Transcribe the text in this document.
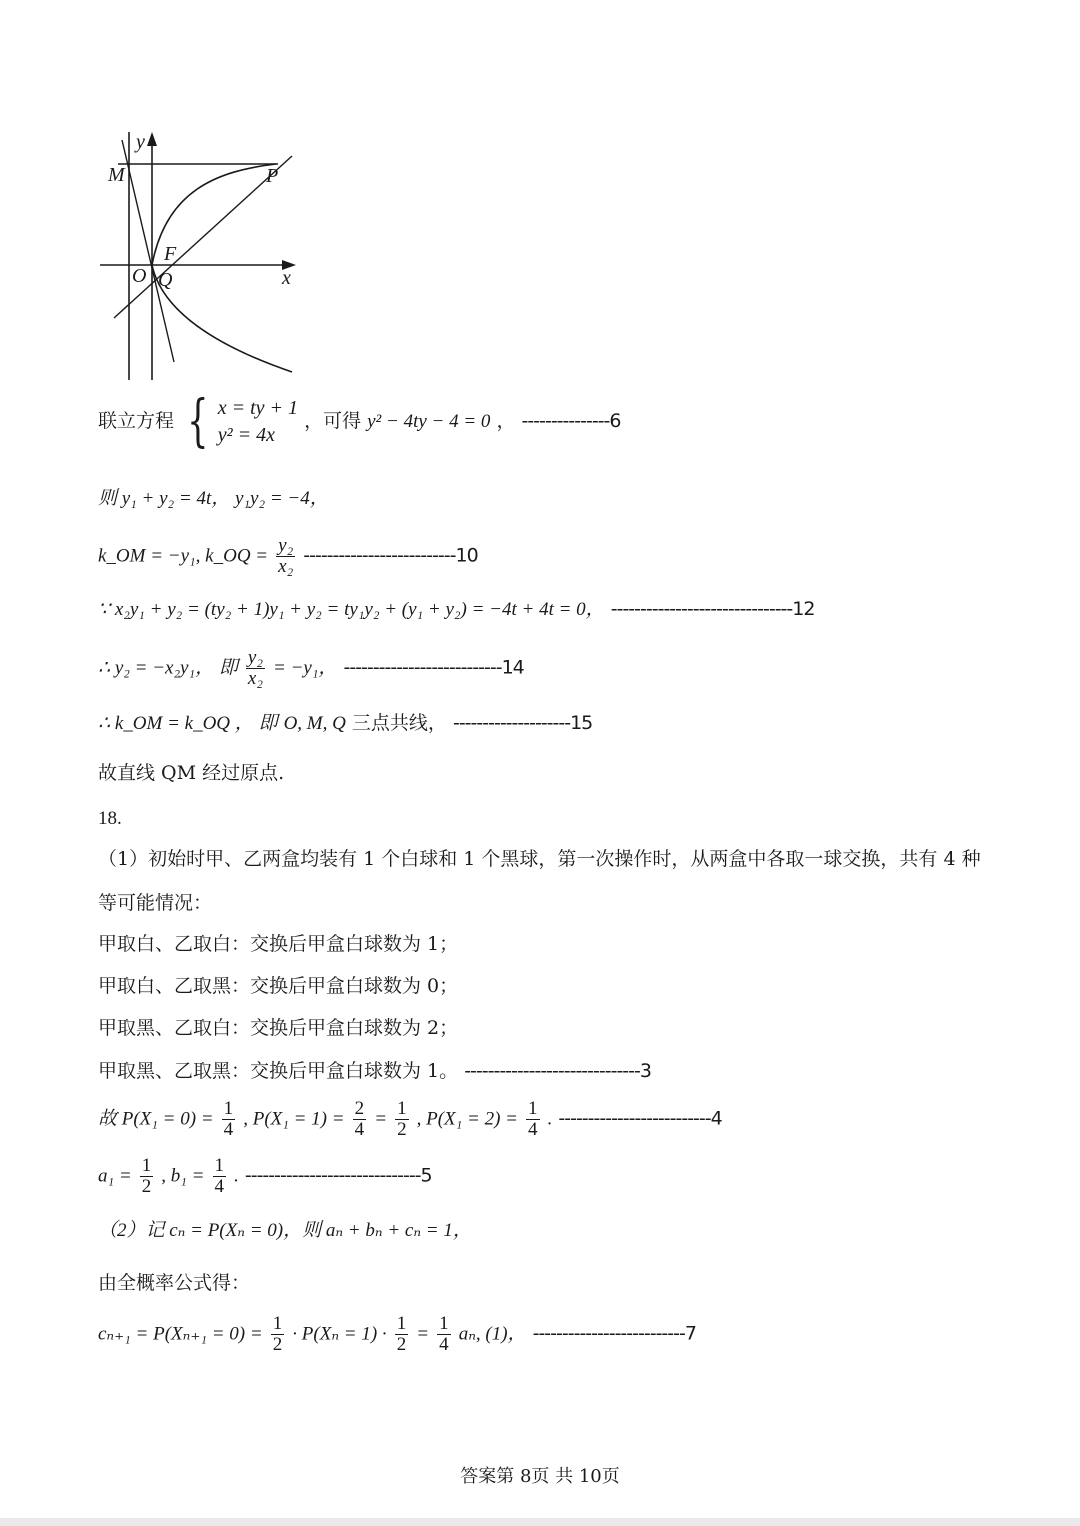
y
M	P
F
O Q	x
联立方程 { x = ty + 1
y² = 4x
，可得 y² − 4ty − 4 = 0 ， ---------------6
则 y₁ + y₂ = 4t， y₁y₂ = −4，
k_OM = −y₁, k_OQ = $\frac{\text{y₂}}{\text{x₂}} --------------------------10$
∵ x₂y₁ + y₂ = (ty₂ + 1)y₁ + y₂ = ty₁y₂ + (y₁ + y₂) = −4t + 4t = 0， -------------------------------12
∴ y₂ = −x₂y₁， 即 $\frac{\text{y₂}}{\text{x₂}} = -y_1$， ---------------------------14
∴ k_OM = k_OQ ， 即 O, M, Q 三点共线， --------------------15
故直线 QM 经过原点.
18.
（1）初始时甲、乙两盒均装有 1 个白球和 1 个黑球，第一次操作时，从两盒中各取一球交换，共有 4 种
等可能情况：
甲取白、乙取白：交换后甲盒白球数为 1；
甲取白、乙取黑：交换后甲盒白球数为 0；
甲取黑、乙取白：交换后甲盒白球数为 2；
甲取黑、乙取黑：交换后甲盒白球数为 1。 ------------------------------3
故 $P(X_1 = 0) = \frac{1}{4}$ , $P(X_1 = 1) = \frac{2}{4} = \frac{1}{2}$ , $P(X_1 = 2) = \frac{1}{4}$ . --------------------------4
$a_1 = \frac{1}{2}$ , $b_1 = \frac{1}{4}$ . ------------------------------5
（2）记 cₙ = P(Xₙ = 0)，则 aₙ + bₙ + cₙ = 1，
由全概率公式得：
$c_{n+1} = P(X_{n+1} = 0) = \frac{1}{2} \cdot P(X_n = 1) \cdot \frac{1}{2} = \frac{1}{4} a_n$, (1)， --------------------------7
答案第 8页 共 10页
